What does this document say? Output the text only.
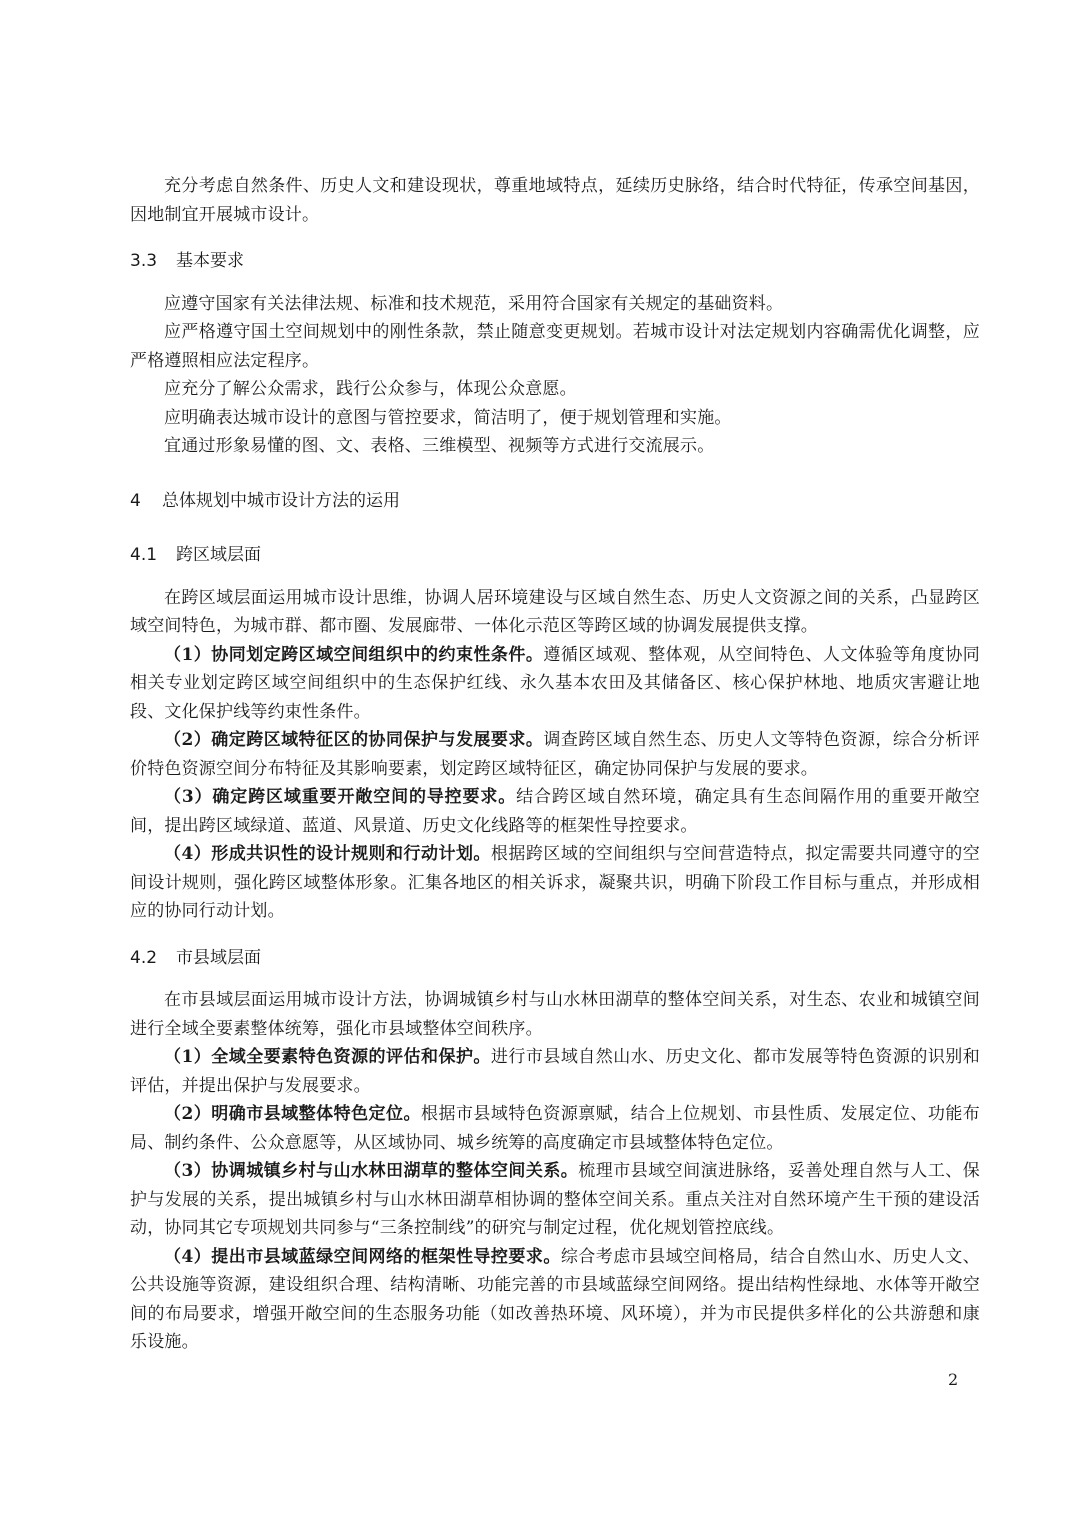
充分考虑自然条件、历史人文和建设现状，尊重地域特点，延续历史脉络，结合时代特征，传承空间基因，因地制宜开展城市设计。

3.3 基本要求

应遵守国家有关法律法规、标准和技术规范，采用符合国家有关规定的基础资料。

应严格遵守国土空间规划中的刚性条款，禁止随意变更规划。若城市设计对法定规划内容确需优化调整，应严格遵照相应法定程序。

应充分了解公众需求，践行公众参与，体现公众意愿。

应明确表达城市设计的意图与管控要求，简洁明了，便于规划管理和实施。

宜通过形象易懂的图、文、表格、三维模型、视频等方式进行交流展示。

4 总体规划中城市设计方法的运用

4.1 跨区域层面

在跨区域层面运用城市设计思维，协调人居环境建设与区域自然生态、历史人文资源之间的关系，凸显跨区域空间特色，为城市群、都市圈、发展廊带、一体化示范区等跨区域的协调发展提供支撑。

（1）协同划定跨区域空间组织中的约束性条件。遵循区域观、整体观，从空间特色、人文体验等角度协同相关专业划定跨区域空间组织中的生态保护红线、永久基本农田及其储备区、核心保护林地、地质灾害避让地段、文化保护线等约束性条件。

（2）确定跨区域特征区的协同保护与发展要求。调查跨区域自然生态、历史人文等特色资源，综合分析评价特色资源空间分布特征及其影响要素，划定跨区域特征区，确定协同保护与发展的要求。

（3）确定跨区域重要开敞空间的导控要求。结合跨区域自然环境，确定具有生态间隔作用的重要开敞空间，提出跨区域绿道、蓝道、风景道、历史文化线路等的框架性导控要求。

（4）形成共识性的设计规则和行动计划。根据跨区域的空间组织与空间营造特点，拟定需要共同遵守的空间设计规则，强化跨区域整体形象。汇集各地区的相关诉求，凝聚共识，明确下阶段工作目标与重点，并形成相应的协同行动计划。

4.2 市县域层面

在市县域层面运用城市设计方法，协调城镇乡村与山水林田湖草的整体空间关系，对生态、农业和城镇空间进行全域全要素整体统筹，强化市县域整体空间秩序。

（1）全域全要素特色资源的评估和保护。进行市县域自然山水、历史文化、都市发展等特色资源的识别和评估，并提出保护与发展要求。

（2）明确市县域整体特色定位。根据市县域特色资源禀赋，结合上位规划、市县性质、发展定位、功能布局、制约条件、公众意愿等，从区域协同、城乡统筹的高度确定市县域整体特色定位。

（3）协调城镇乡村与山水林田湖草的整体空间关系。梳理市县域空间演进脉络，妥善处理自然与人工、保护与发展的关系，提出城镇乡村与山水林田湖草相协调的整体空间关系。重点关注对自然环境产生干预的建设活动，协同其它专项规划共同参与“三条控制线”的研究与制定过程，优化规划管控底线。

（4）提出市县域蓝绿空间网络的框架性导控要求。综合考虑市县域空间格局，结合自然山水、历史人文、公共设施等资源，建设组织合理、结构清晰、功能完善的市县域蓝绿空间网络。提出结构性绿地、水体等开敞空间的布局要求，增强开敞空间的生态服务功能（如改善热环境、风环境），并为市民提供多样化的公共游憩和康乐设施。

2
